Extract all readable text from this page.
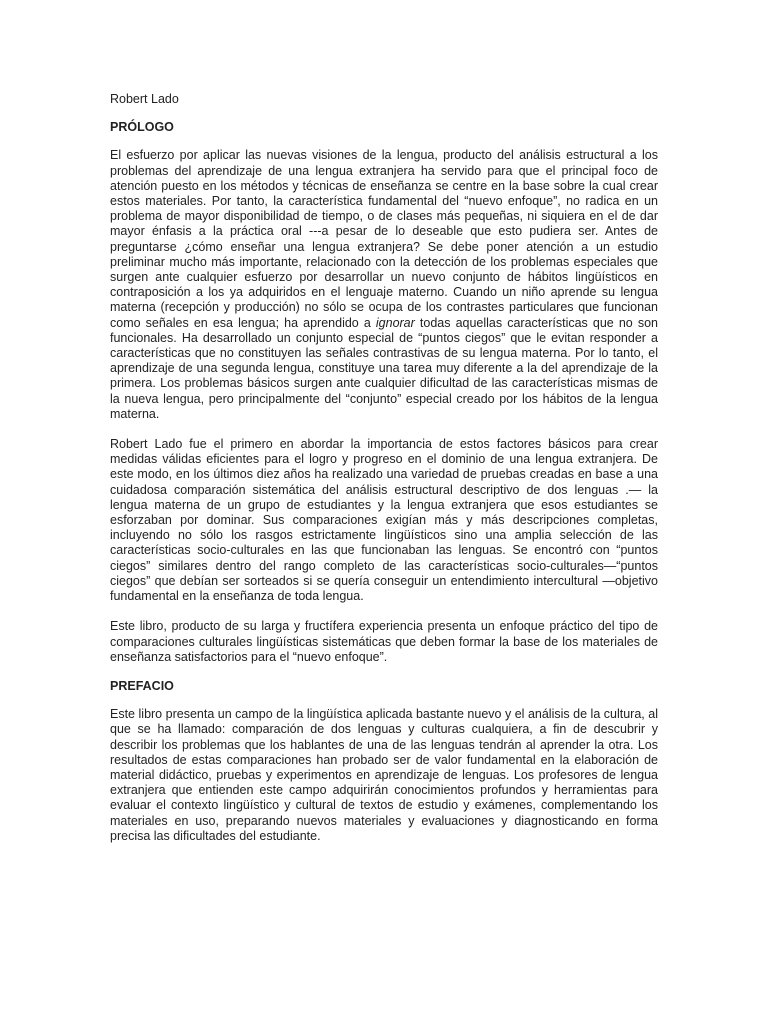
Robert Lado

PRÓLOGO

El esfuerzo por aplicar las nuevas visiones de la lengua, producto del análisis estructural a los problemas del aprendizaje de una lengua extranjera ha servido para que el principal foco de atención puesto en los métodos y técnicas de enseñanza se centre en la base sobre la cual crear estos materiales. Por tanto, la característica fundamental del “nuevo enfoque”, no radica en un problema de mayor disponibilidad de tiempo, o de clases más pequeñas, ni siquiera en el de dar mayor énfasis a la práctica oral ---a pesar de lo deseable que esto pudiera ser. Antes de preguntarse ¿cómo enseñar una lengua extranjera? Se debe poner atención a un estudio preliminar mucho más importante, relacionado con la detección de los problemas especiales que surgen ante cualquier esfuerzo por desarrollar un nuevo conjunto de hábitos lingüísticos en contraposición a los ya adquiridos en el lenguaje materno. Cuando un niño aprende su lengua materna (recepción y producción) no sólo se ocupa de los contrastes particulares que funcionan como señales en esa lengua; ha aprendido a ignorar todas aquellas características que no son funcionales. Ha desarrollado un conjunto especial de “puntos ciegos” que le evitan responder a características que no constituyen las señales contrastivas de su lengua materna. Por lo tanto, el aprendizaje de una segunda lengua, constituye una tarea muy diferente a la del aprendizaje de la primera. Los problemas básicos surgen ante cualquier dificultad de las características mismas de la nueva lengua, pero principalmente del “conjunto” especial creado por los hábitos de la lengua materna.

Robert Lado fue el primero en abordar la importancia de estos factores básicos para crear medidas válidas eficientes para el logro y progreso en el dominio de una lengua extranjera. De este modo, en los últimos diez años ha realizado una variedad de pruebas creadas en base a una cuidadosa comparación sistemática del análisis estructural descriptivo de dos lenguas .— la lengua materna de un grupo de estudiantes y la lengua extranjera que esos estudiantes se esforzaban por dominar. Sus comparaciones exigían más y más descripciones completas, incluyendo no sólo los rasgos estrictamente lingüísticos sino una amplia selección de las características socio-culturales en las que funcionaban las lenguas. Se encontró con “puntos ciegos” similares dentro del rango completo de las características socio-culturales—“puntos ciegos” que debían ser sorteados si se quería conseguir un entendimiento intercultural —objetivo fundamental en la enseñanza de toda lengua.

Este libro, producto de su larga y fructífera experiencia presenta un enfoque práctico del tipo de comparaciones culturales lingüísticas sistemáticas que deben formar la base de los materiales de enseñanza satisfactorios para el “nuevo enfoque”.

PREFACIO

Este libro presenta un campo de la lingüística aplicada bastante nuevo y el análisis de la cultura, al que se ha llamado: comparación de dos lenguas y culturas cualquiera, a fin de descubrir y describir los problemas que los hablantes de una de las lenguas tendrán al aprender la otra. Los resultados de estas comparaciones han probado ser de valor fundamental en la elaboración de material didáctico, pruebas y experimentos en aprendizaje de lenguas. Los profesores de lengua extranjera que entienden este campo adquirirán conocimientos profundos y herramientas para evaluar el contexto lingüístico y cultural de textos de estudio y exámenes, complementando los materiales en uso, preparando nuevos materiales y evaluaciones y diagnosticando en forma precisa las dificultades del estudiante.
